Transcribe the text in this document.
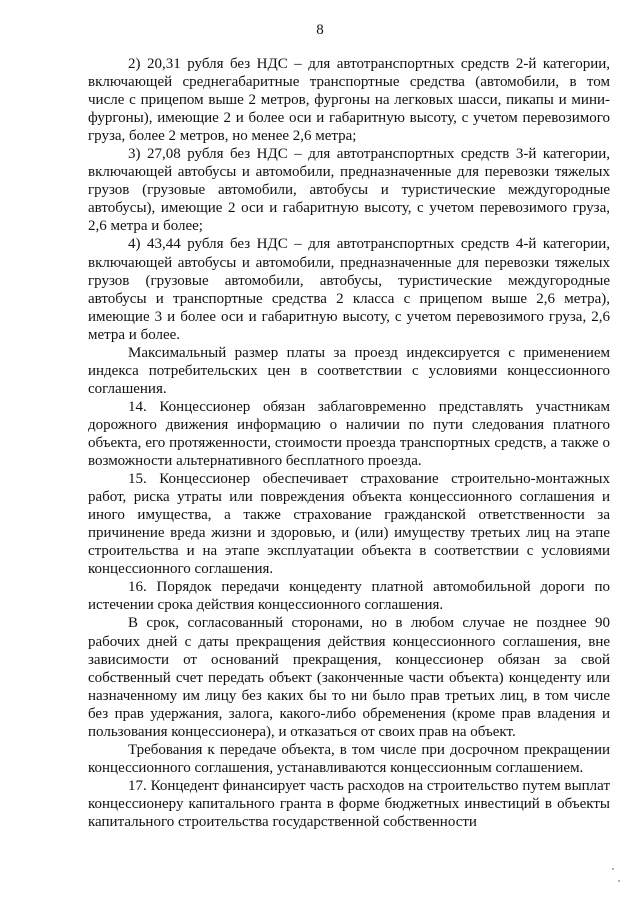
8

2) 20,31 рубля без НДС – для автотранспортных средств 2-й категории, включающей среднегабаритные транспортные средства (автомобили, в том числе с прицепом выше 2 метров, фургоны на легковых шасси, пикапы и мини-фургоны), имеющие 2 и более оси и габаритную высоту, с учетом перевозимого груза, более 2 метров, но менее 2,6 метра;

3) 27,08 рубля без НДС – для автотранспортных средств 3-й категории, включающей автобусы и автомобили, предназначенные для перевозки тяжелых грузов (грузовые автомобили, автобусы и туристические междугородные автобусы), имеющие 2 оси и габаритную высоту, с учетом перевозимого груза, 2,6 метра и более;

4) 43,44 рубля без НДС – для автотранспортных средств 4-й категории, включающей автобусы и автомобили, предназначенные для перевозки тяжелых грузов (грузовые автомобили, автобусы, туристические междугородные автобусы и транспортные средства 2 класса с прицепом выше 2,6 метра), имеющие 3 и более оси и габаритную высоту, с учетом перевозимого груза, 2,6 метра и более.

Максимальный размер платы за проезд индексируется с применением индекса потребительских цен в соответствии с условиями концессионного соглашения.

14. Концессионер обязан заблаговременно представлять участникам дорожного движения информацию о наличии по пути следования платного объекта, его протяженности, стоимости проезда транспортных средств, а также о возможности альтернативного бесплатного проезда.

15. Концессионер обеспечивает страхование строительно-монтажных работ, риска утраты или повреждения объекта концессионного соглашения и иного имущества, а также страхование гражданской ответственности за причинение вреда жизни и здоровью, и (или) имуществу третьих лиц на этапе строительства и на этапе эксплуатации объекта в соответствии с условиями концессионного соглашения.

16. Порядок передачи концеденту платной автомобильной дороги по истечении срока действия концессионного соглашения.

В срок, согласованный сторонами, но в любом случае не позднее 90 рабочих дней с даты прекращения действия концессионного соглашения, вне зависимости от оснований прекращения, концессионер обязан за свой собственный счет передать объект (законченные части объекта) концеденту или назначенному им лицу без каких бы то ни было прав третьих лиц, в том числе без прав удержания, залога, какого-либо обременения (кроме прав владения и пользования концессионера), и отказаться от своих прав на объект.

Требования к передаче объекта, в том числе при досрочном прекращении концессионного соглашения, устанавливаются концессионным соглашением.

17. Концедент финансирует часть расходов на строительство путем выплат концессионеру капитального гранта в форме бюджетных инвестиций в объекты капитального строительства государственной собственности
